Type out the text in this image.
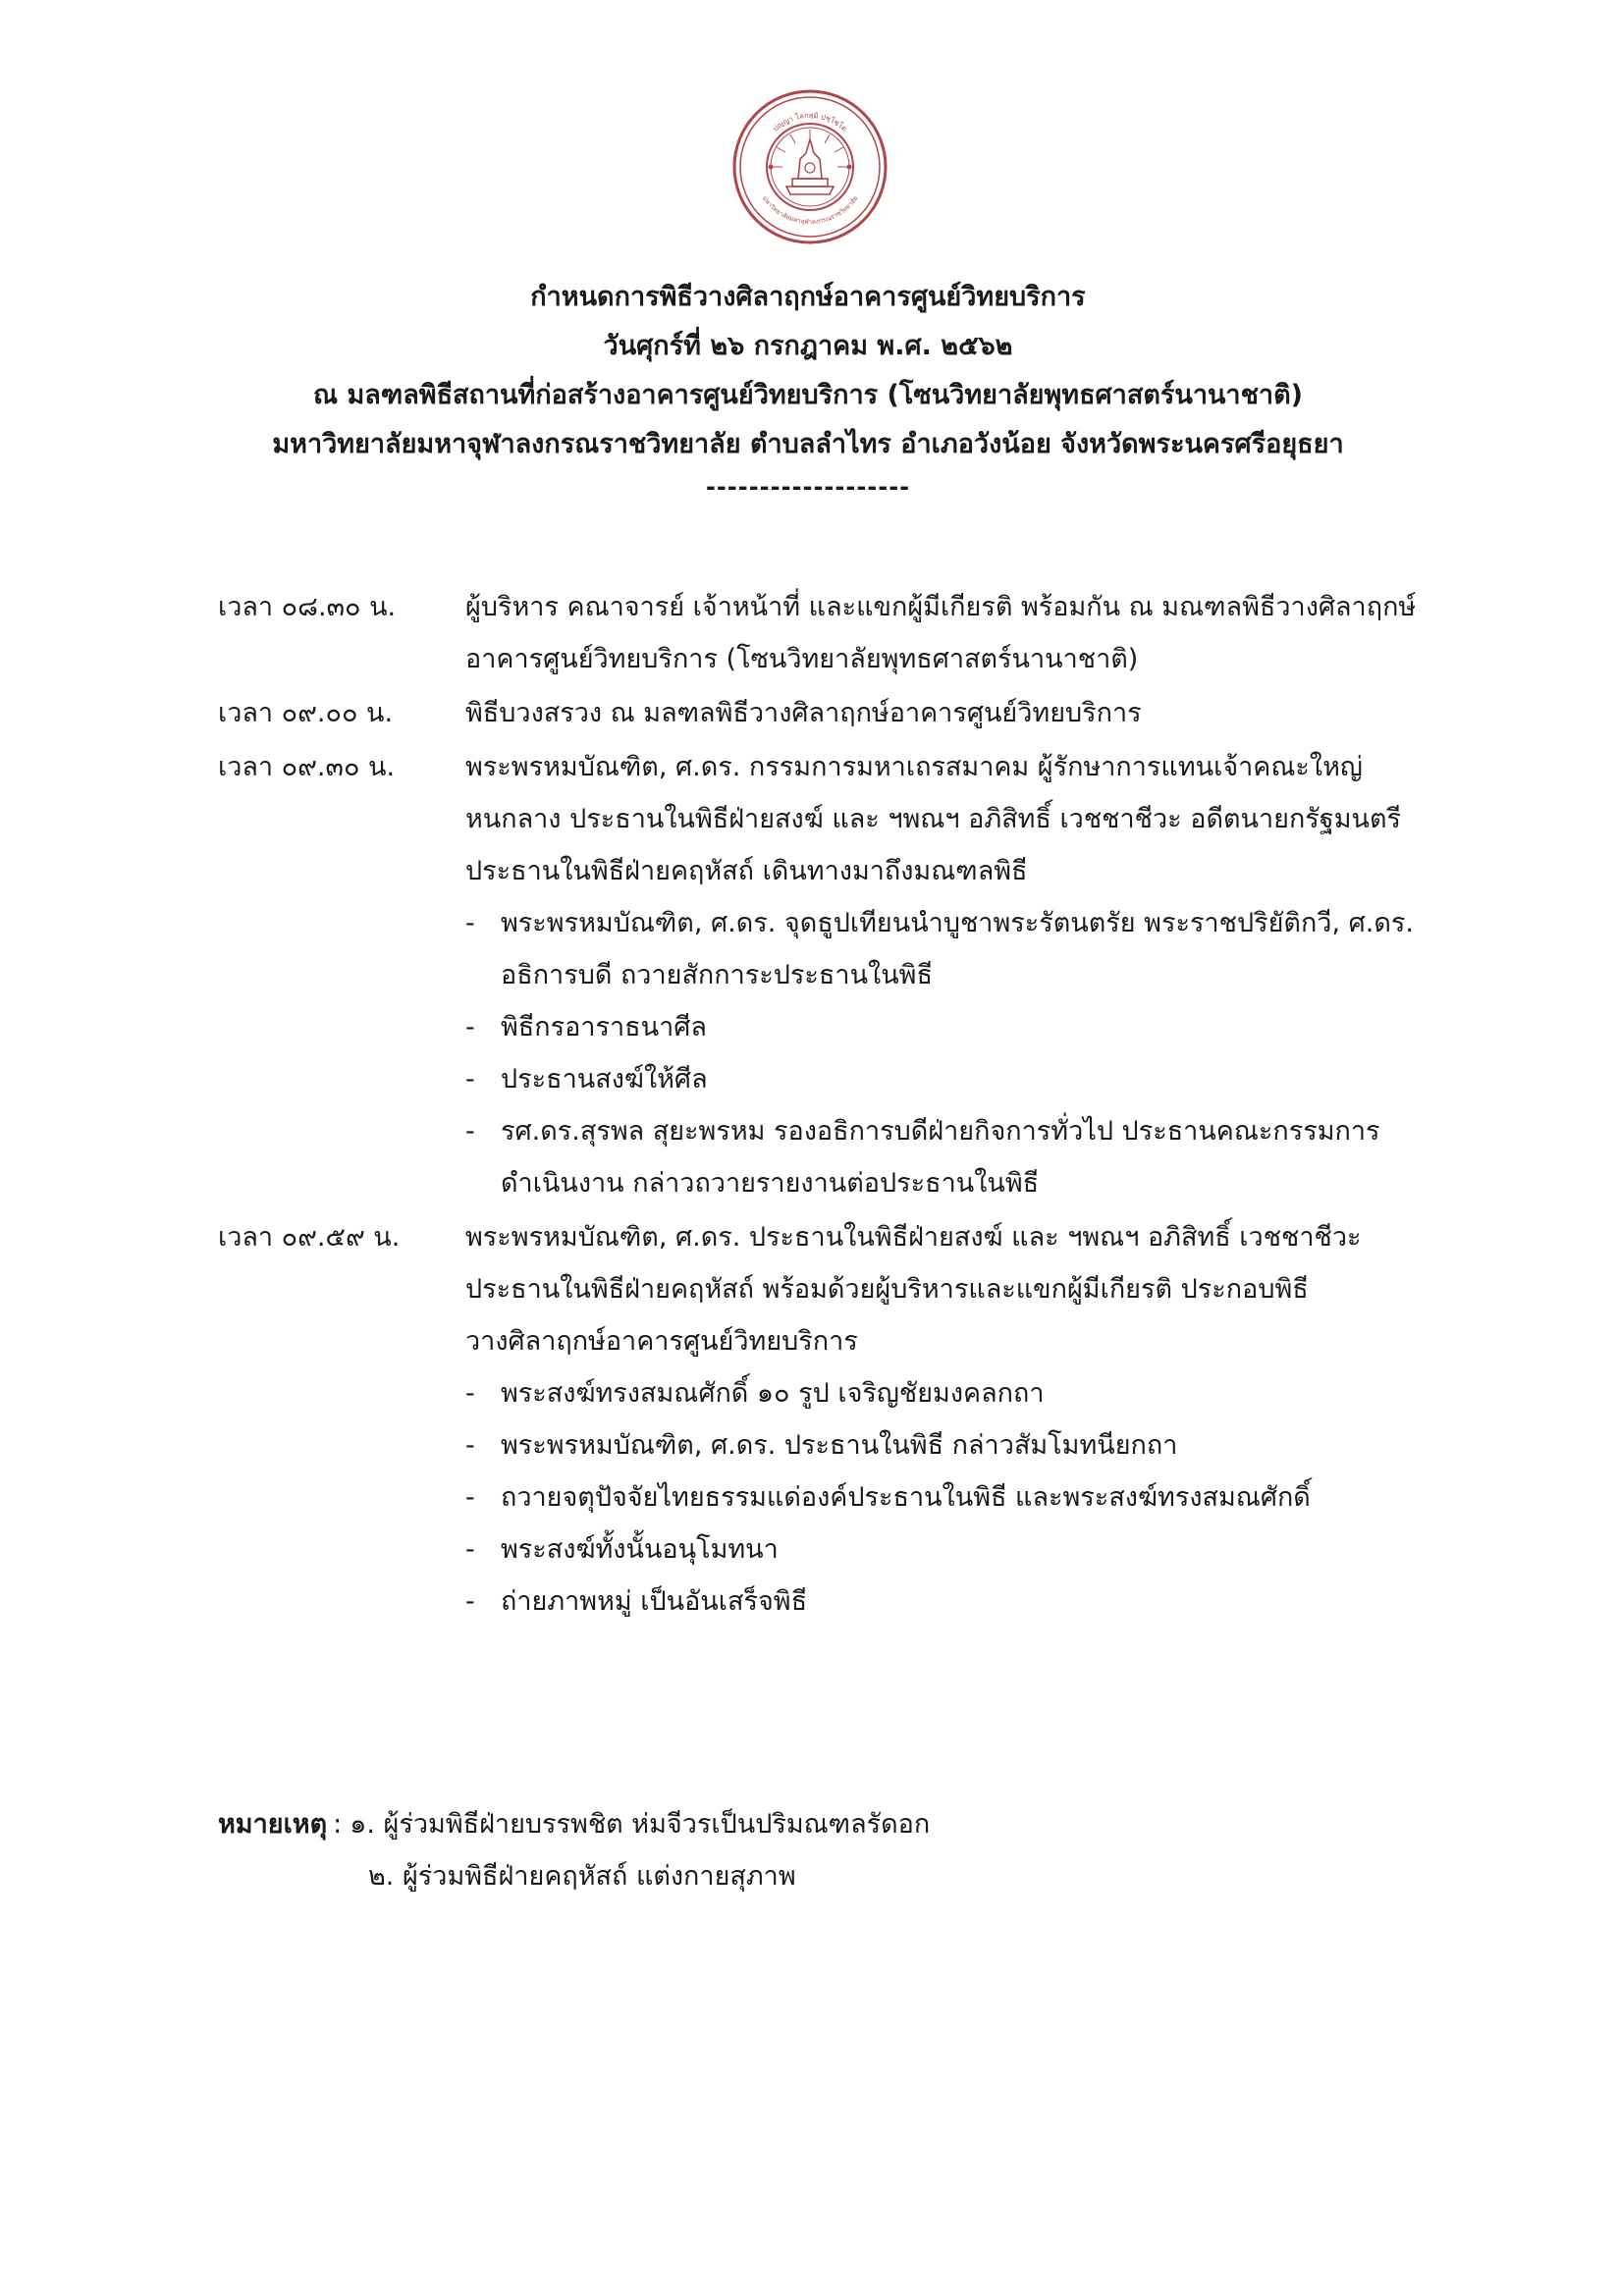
ปญฺญา โลกสฺมิ ปชฺโชโต
มหาวิทยาลัยมหาจุฬาลงกรณราชวิทยาลัย
กำหนดการพิธีวางศิลาฤกษ์อาคารศูนย์วิทยบริการ
วันศุกร์ที่ ๒๖ กรกฎาคม พ.ศ. ๒๕๖๒
ณ มลฑลพิธีสถานที่ก่อสร้างอาคารศูนย์วิทยบริการ (โซนวิทยาลัยพุทธศาสตร์นานาชาติ)
มหาวิทยาลัยมหาจุฬาลงกรณราชวิทยาลัย ตำบลลำไทร อำเภอวังน้อย จังหวัดพระนครศรีอยุธยา
-------------------
เวลา ๐๘.๓๐ น.	ผู้บริหาร คณาจารย์ เจ้าหน้าที่ และแขกผู้มีเกียรติ พร้อมกัน ณ มณฑลพิธีวางศิลาฤกษ์
อาคารศูนย์วิทยบริการ (โซนวิทยาลัยพุทธศาสตร์นานาชาติ)
เวลา ๐๙.๐๐ น.	พิธีบวงสรวง ณ มลฑลพิธีวางศิลาฤกษ์อาคารศูนย์วิทยบริการ
เวลา ๐๙.๓๐ น.	พระพรหมบัณฑิต, ศ.ดร. กรรมการมหาเถรสมาคม ผู้รักษาการแทนเจ้าคณะใหญ่
หนกลาง ประธานในพิธีฝ่ายสงฆ์ และ ฯพณฯ อภิสิทธิ์ เวชชาชีวะ อดีตนายกรัฐมนตรี
ประธานในพิธีฝ่ายคฤหัสถ์ เดินทางมาถึงมณฑลพิธี
- พระพรหมบัณฑิต, ศ.ดร. จุดธูปเทียนนำบูชาพระรัตนตรัย พระราชปริยัติกวี, ศ.ดร.
อธิการบดี ถวายสักการะประธานในพิธี
- พิธีกรอาราธนาศีล
- ประธานสงฆ์ให้ศีล
- รศ.ดร.สุรพล สุยะพรหม รองอธิการบดีฝ่ายกิจการทั่วไป ประธานคณะกรรมการ
ดำเนินงาน กล่าวถวายรายงานต่อประธานในพิธี
เวลา ๐๙.๕๙ น.	พระพรหมบัณฑิต, ศ.ดร. ประธานในพิธีฝ่ายสงฆ์ และ ฯพณฯ อภิสิทธิ์ เวชชาชีวะ
ประธานในพิธีฝ่ายคฤหัสถ์ พร้อมด้วยผู้บริหารและแขกผู้มีเกียรติ ประกอบพิธี
วางศิลาฤกษ์อาคารศูนย์วิทยบริการ
- พระสงฆ์ทรงสมณศักดิ์ ๑๐ รูป เจริญชัยมงคลกถา
- พระพรหมบัณฑิต, ศ.ดร. ประธานในพิธี กล่าวสัมโมทนียกถา
- ถวายจตุปัจจัยไทยธรรมแด่องค์ประธานในพิธี และพระสงฆ์ทรงสมณศักดิ์
- พระสงฆ์ทั้งนั้นอนุโมทนา
- ถ่ายภาพหมู่ เป็นอันเสร็จพิธี
หมายเหตุ : ๑. ผู้ร่วมพิธีฝ่ายบรรพชิต ห่มจีวรเป็นปริมณฑลรัดอก
๒. ผู้ร่วมพิธีฝ่ายคฤหัสถ์ แต่งกายสุภาพ
